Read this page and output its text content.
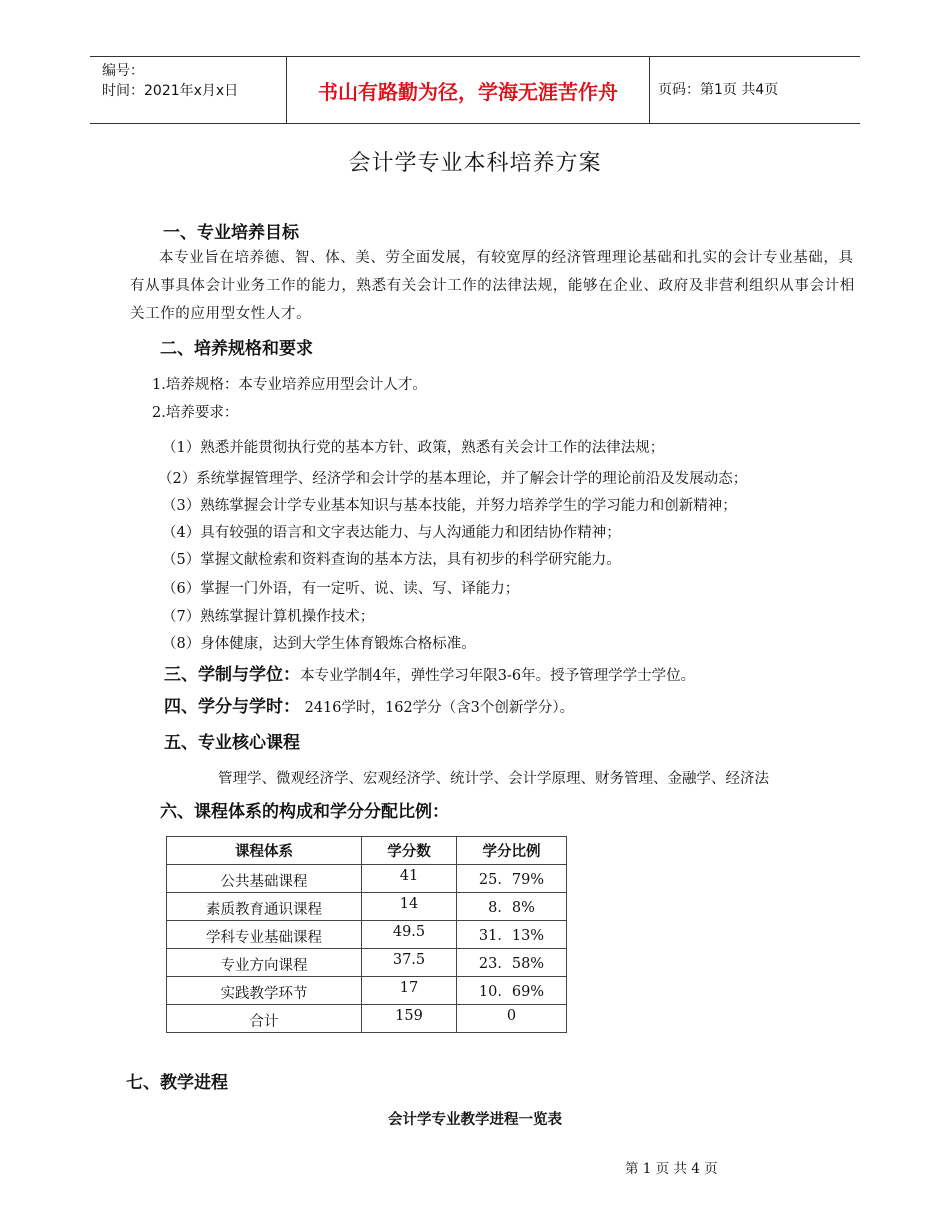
编号：
时间：2021年x月x日	书山有路勤为径，学海无涯苦作舟	页码：第1页 共4页
会计学专业本科培养方案
一、专业培养目标
本专业旨在培养德、智、体、美、劳全面发展，有较宽厚的经济管理理论基础和扎实的会计专业基础，具有从事具体会计业务工作的能力，熟悉有关会计工作的法律法规，能够在企业、政府及非营利组织从事会计相关工作的应用型女性人才。
二、培养规格和要求
1.培养规格：本专业培养应用型会计人才。
2.培养要求：
（1）熟悉并能贯彻执行党的基本方针、政策，熟悉有关会计工作的法律法规；
（2）系统掌握管理学、经济学和会计学的基本理论，并了解会计学的理论前沿及发展动态；
（3）熟练掌握会计学专业基本知识与基本技能，并努力培养学生的学习能力和创新精神；
（4）具有较强的语言和文字表达能力、与人沟通能力和团结协作精神；
（5）掌握文献检索和资料查询的基本方法，具有初步的科学研究能力。
（6）掌握一门外语，有一定听、说、读、写、译能力；
（7）熟练掌握计算机操作技术；
（8）身体健康，达到大学生体育锻炼合格标准。
三、学制与学位：本专业学制4年，弹性学习年限3-6年。授予管理学学士学位。
四、学分与学时： 2416学时，162学分（含3个创新学分）。
五、专业核心课程
管理学、微观经济学、宏观经济学、统计学、会计学原理、财务管理、金融学、经济法
六、课程体系的构成和学分分配比例：
课程体系	学分数	学分比例
公共基础课程	41	25．79%
素质教育通识课程	14	8．8%
学科专业基础课程	49.5	31．13%
专业方向课程	37.5	23．58%
实践教学环节	17	10．69%
合计	159	0
七、教学进程
会计学专业教学进程一览表
第 1 页 共 4 页
